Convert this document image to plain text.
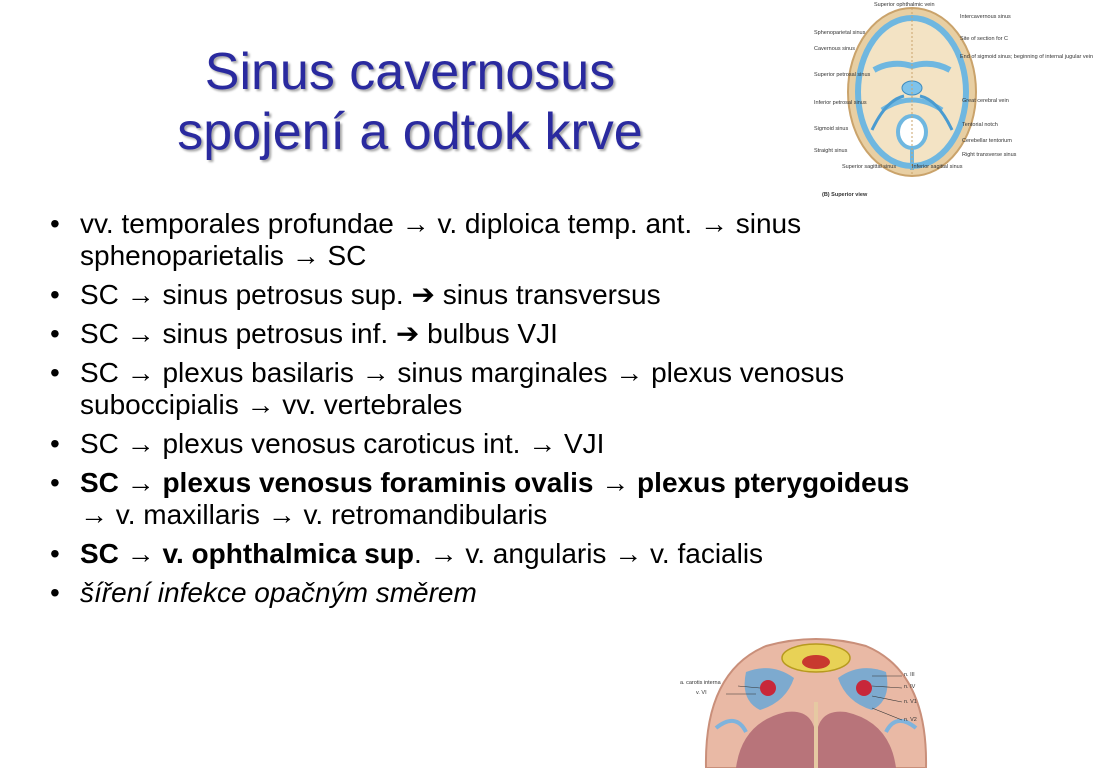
Sinus cavernosus
spojení a odtok krve
• vv. temporales profundae → v. diploica temp. ant. → sinus sphenoparietalis → SC
• SC → sinus petrosus sup. ➔ sinus transversus
• SC → sinus petrosus inf. ➔ bulbus VJI
• SC → plexus basilaris → sinus marginales → plexus venosus suboccipialis → vv. vertebrales
• SC → plexus venosus caroticus int. → VJI
• SC → plexus venosus foraminis ovalis → plexus pterygoideus → v. maxillaris → v. retromandibularis
• SC → v. ophthalmica sup. → v. angularis → v. facialis
• šíření infekce opačným směrem
Sphenoparietal sinus
Cavernous sinus
Superior petrosal sinus
Inferior petrosal sinus
Sigmoid sinus
Straight sinus
Superior sagittal sinus
Superior ophthalmic vein
Intercavernous sinus
Site of section for C
End of sigmoid sinus; beginning of internal jugular vein
Great cerebral vein
Tentorial notch
Cerebellar tentorium
Right transverse sinus
Inferior sagittal sinus
(B) Superior view
a. carotis interna
v. VI
n. III
n. IV
n. V1
n. V2
